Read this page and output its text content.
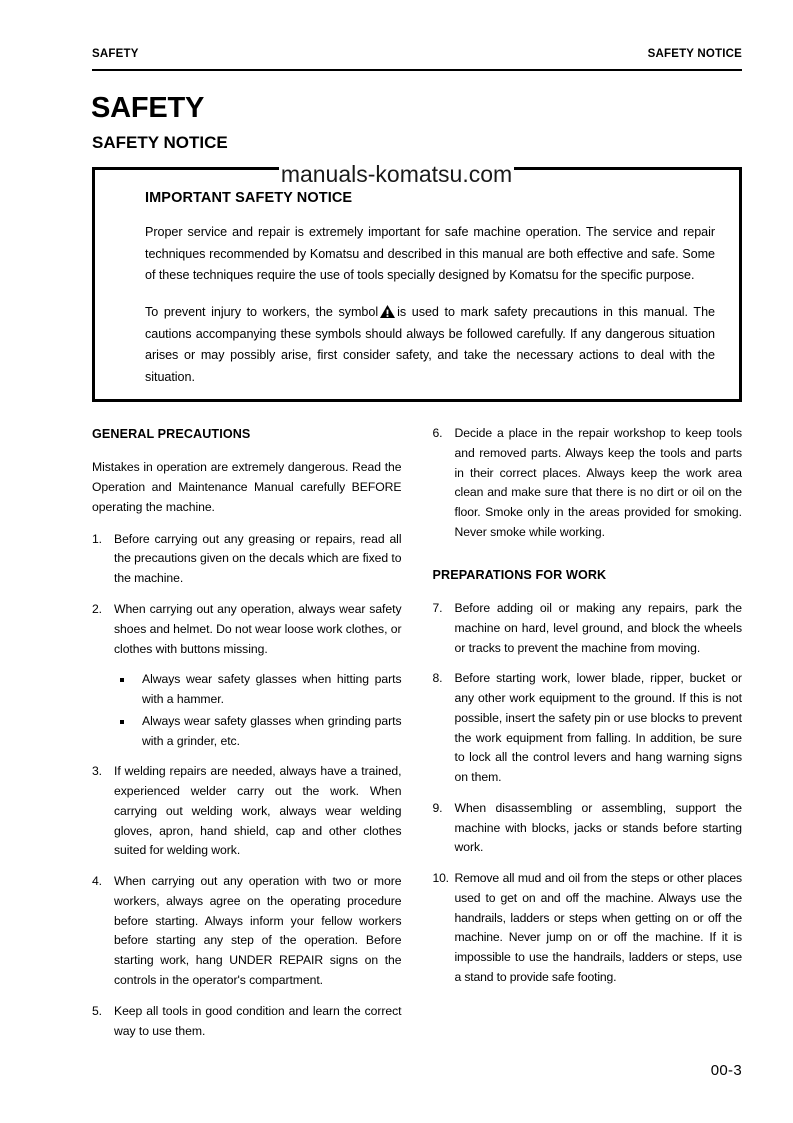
SAFETY	SAFETY NOTICE
SAFETY
SAFETY NOTICE
IMPORTANT SAFETY NOTICE

Proper service and repair is extremely important for safe machine operation. The service and repair techniques recommended by Komatsu and described in this manual are both effective and safe. Some of these techniques require the use of tools specially designed by Komatsu for the specific purpose.

To prevent injury to workers, the symbol is used to mark safety precautions in this manual. The cautions accompanying these symbols should always be followed carefully. If any dangerous situation arises or may possibly arise, first consider safety, and take the necessary actions to deal with the situation.

manuals-komatsu.com
GENERAL PRECAUTIONS

Mistakes in operation are extremely dangerous. Read the Operation and Maintenance Manual carefully BEFORE operating the machine.

1.	Before carrying out any greasing or repairs, read all the precautions given on the decals which are fixed to the machine.
2.	When carrying out any operation, always wear safety shoes and helmet. Do not wear loose work clothes, or clothes with buttons missing.
Always wear safety glasses when hitting parts with a hammer.
Always wear safety glasses when grinding parts with a grinder, etc.
3.	If welding repairs are needed, always have a trained, experienced welder carry out the work. When carrying out welding work, always wear welding gloves, apron, hand shield, cap and other clothes suited for welding work.
4.	When carrying out any operation with two or more workers, always agree on the operating procedure before starting. Always inform your fellow workers before starting any step of the operation. Before starting work, hang UNDER REPAIR signs on the controls in the operator's compartment.
5.	Keep all tools in good condition and learn the correct way to use them.
6.	Decide a place in the repair workshop to keep tools and removed parts. Always keep the tools and parts in their correct places. Always keep the work area clean and make sure that there is no dirt or oil on the floor. Smoke only in the areas provided for smoking. Never smoke while working.
PREPARATIONS FOR WORK
7.	Before adding oil or making any repairs, park the machine on hard, level ground, and block the wheels or tracks to prevent the machine from moving.
8.	Before starting work, lower blade, ripper, bucket or any other work equipment to the ground. If this is not possible, insert the safety pin or use blocks to prevent the work equipment from falling. In addition, be sure to lock all the control levers and hang warning signs on them.
9.	When disassembling or assembling, support the machine with blocks, jacks or stands before starting work.
10. Remove all mud and oil from the steps or other places used to get on and off the machine. Always use the handrails, ladders or steps when getting on or off the machine. Never jump on or off the machine. If it is impossible to use the handrails, ladders or steps, use a stand to provide safe footing.
00-3
